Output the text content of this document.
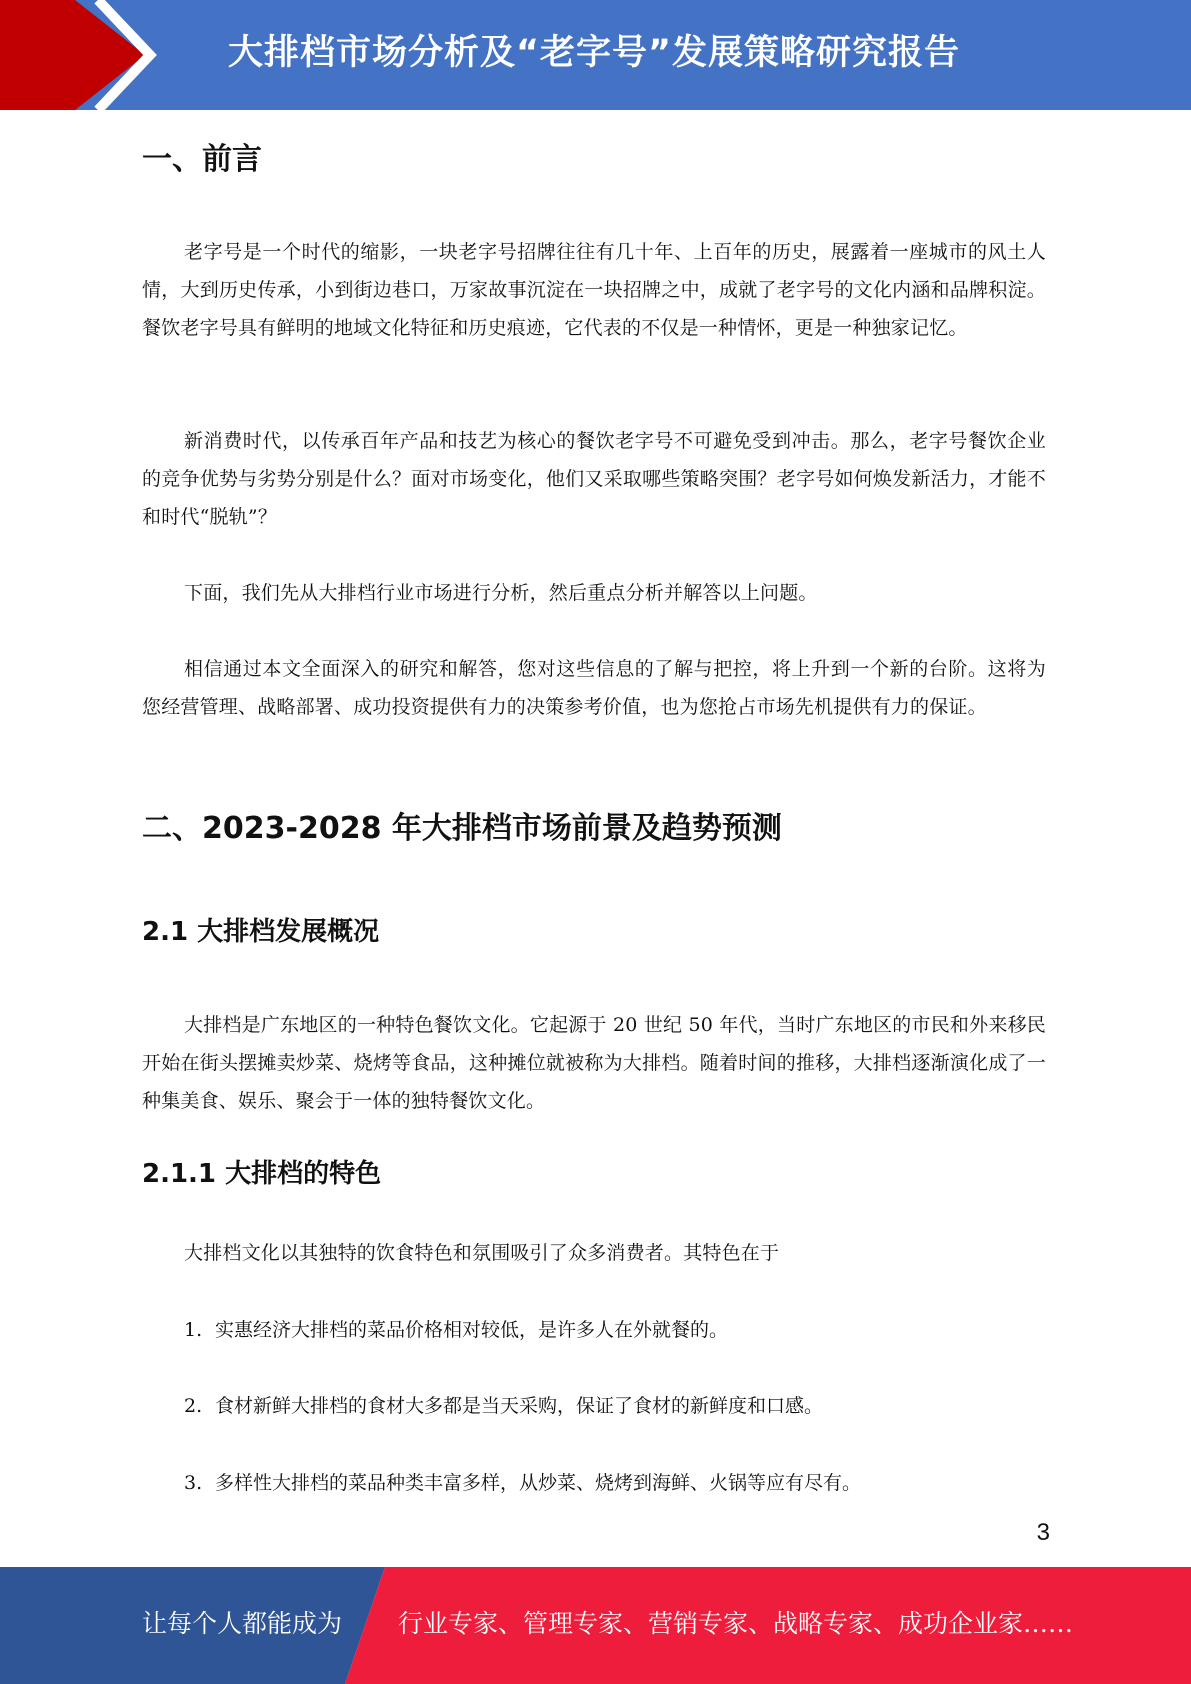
大排档市场分析及“老字号”发展策略研究报告
一、前言
老字号是一个时代的缩影，一块老字号招牌往往有几十年、上百年的历史，展露着一座城市的风土人情，大到历史传承，小到街边巷口，万家故事沉淀在一块招牌之中，成就了老字号的文化内涵和品牌积淀。餐饮老字号具有鲜明的地域文化特征和历史痕迹，它代表的不仅是一种情怀，更是一种独家记忆。
新消费时代，以传承百年产品和技艺为核心的餐饮老字号不可避免受到冲击。那么，老字号餐饮企业的竞争优势与劣势分别是什么？面对市场变化，他们又采取哪些策略突围？老字号如何焕发新活力，才能不和时代“脱轨”？
下面，我们先从大排档行业市场进行分析，然后重点分析并解答以上问题。
相信通过本文全面深入的研究和解答，您对这些信息的了解与把控，将上升到一个新的台阶。这将为您经营管理、战略部署、成功投资提供有力的决策参考价值，也为您抢占市场先机提供有力的保证。
二、2023-2028 年大排档市场前景及趋势预测
2.1 大排档发展概况
大排档是广东地区的一种特色餐饮文化。它起源于 20 世纪 50 年代，当时广东地区的市民和外来移民开始在街头摆摊卖炒菜、烧烤等食品，这种摊位就被称为大排档。随着时间的推移，大排档逐渐演化成了一种集美食、娱乐、聚会于一体的独特餐饮文化。
2.1.1 大排档的特色
大排档文化以其独特的饮食特色和氛围吸引了众多消费者。其特色在于
1. 实惠经济大排档的菜品价格相对较低，是许多人在外就餐的。
2. 食材新鲜大排档的食材大多都是当天采购，保证了食材的新鲜度和口感。
3. 多样性大排档的菜品种类丰富多样，从炒菜、烧烤到海鲜、火锅等应有尽有。
3
让每个人都能成为 行业专家、管理专家、营销专家、战略专家、成功企业家……
